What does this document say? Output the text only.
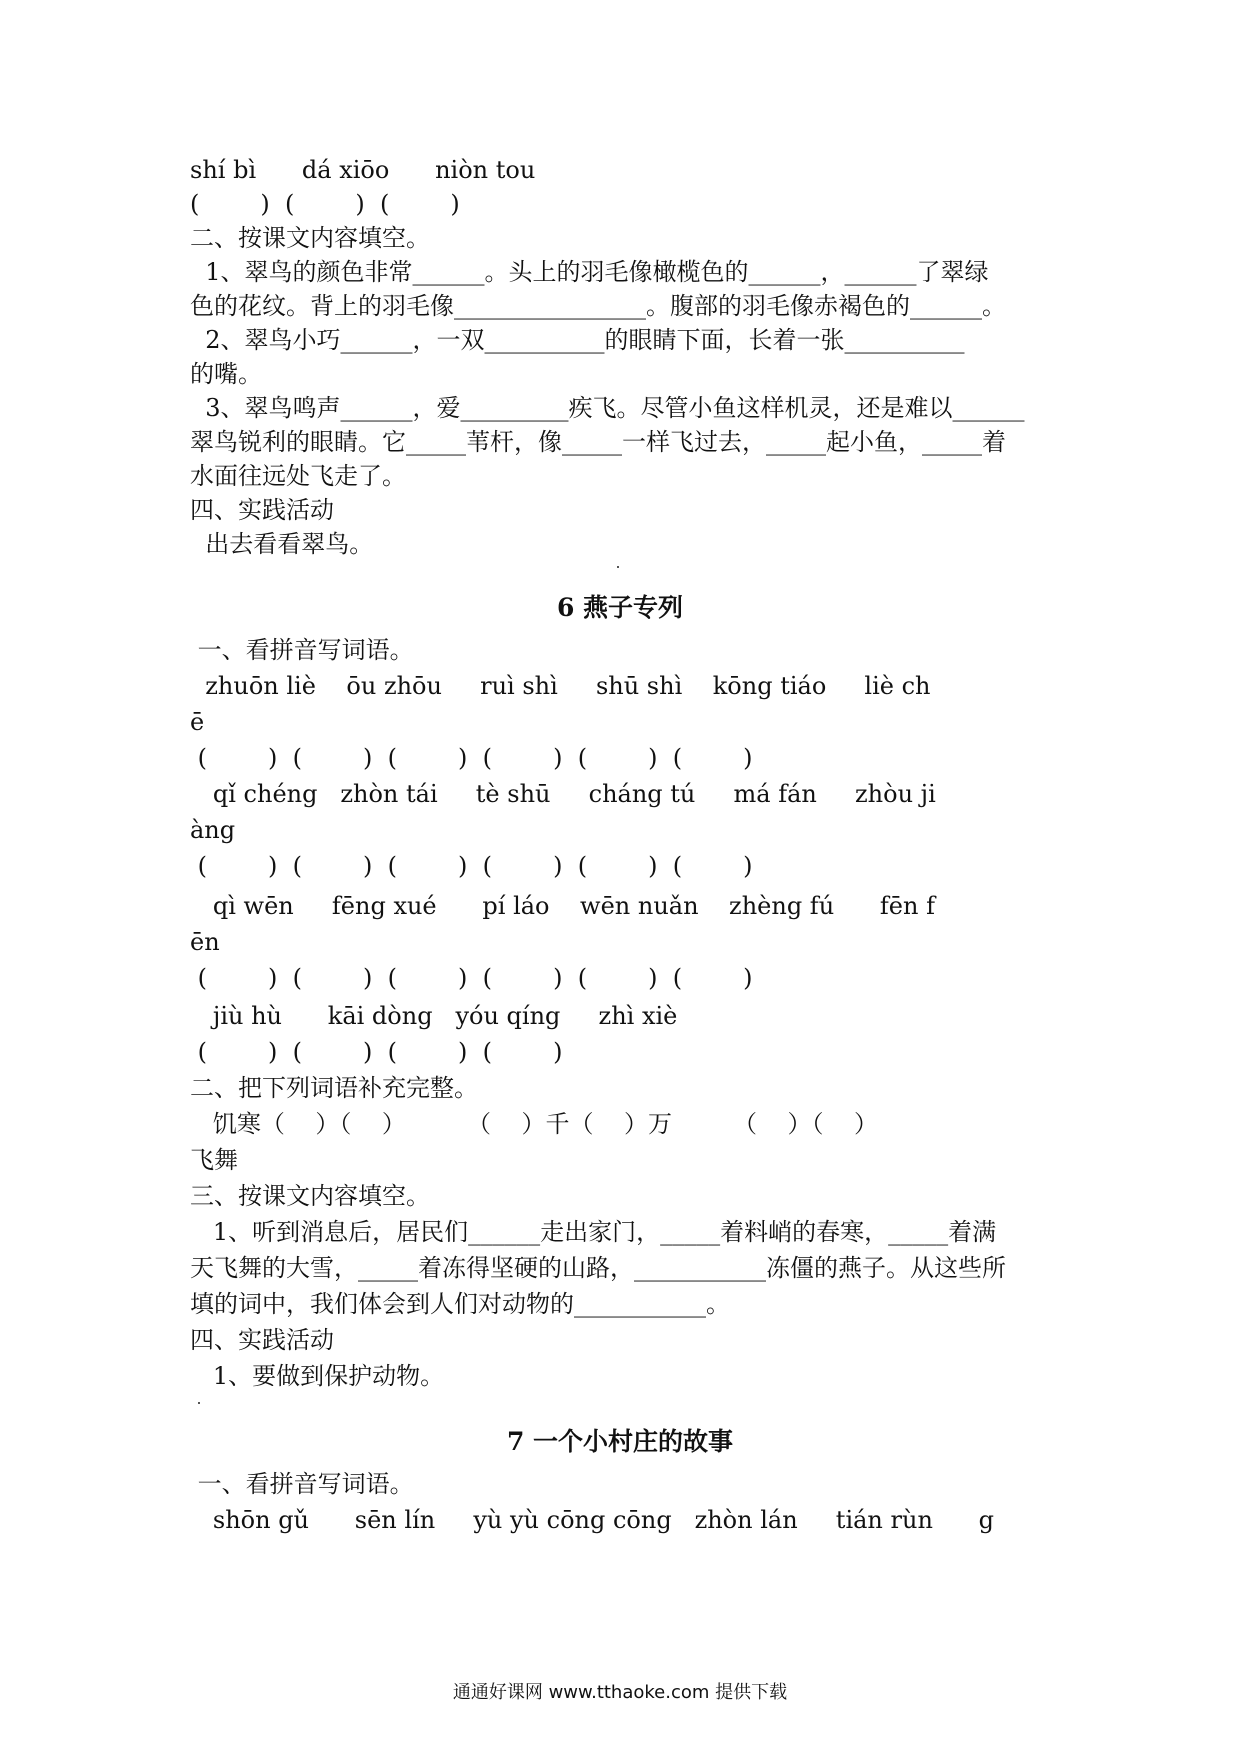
shí bì      dá xiōo      niòn tou
(        )  (        )  (        )
二、按课文内容填空。
1、翠鸟的颜色非常______。头上的羽毛像橄榄色的______，______了翠绿
色的花纹。背上的羽毛像________________。腹部的羽毛像赤褐色的______。
2、翠鸟小巧______，一双__________的眼睛下面，长着一张__________
的嘴。
3、翠鸟鸣声______，爱_________疾飞。尽管小鱼这样机灵，还是难以______
翠鸟锐利的眼睛。它_____苇杆，像_____一样飞过去，_____起小鱼，_____着
水面往远处飞走了。
四、实践活动
出去看看翠鸟。
6 燕子专列
一、看拼音写词语。
zhuōn liè    ōu zhōu     ruì shì     shū shì    kōng tiáo     liè ch
ē
(        )  (        )  (        )  (        )  (        )  (        )
qǐ chéng   zhòn tái     tè shū     cháng tú     má fán     zhòu ji
àng
(        )  (        )  (        )  (        )  (        )  (        )
qì wēn     fēng xué      pí láo    wēn nuǎn    zhèng fú      fēn f
ēn
(        )  (        )  (        )  (        )  (        )  (        )
jiù hù      kāi dòng   yóu qíng     zhì xiè
(        )  (        )  (        )  (        )
二、把下列词语补充完整。
饥寒（    ）（    ）        （    ）千（    ）万        （    ）（    ）
飞舞
三、按课文内容填空。
1、听到消息后，居民们______走出家门，_____着料峭的春寒，_____着满
天飞舞的大雪，_____着冻得坚硬的山路，___________冻僵的燕子。从这些所
填的词中，我们体会到人们对动物的___________。
四、实践活动
1、要做到保护动物。
7 一个小村庄的故事
一、看拼音写词语。
shōn gǔ      sēn lín     yù yù cōng cōng   zhòn lán     tián rùn      g
通通好课网 www.tthaoke.com 提供下载
